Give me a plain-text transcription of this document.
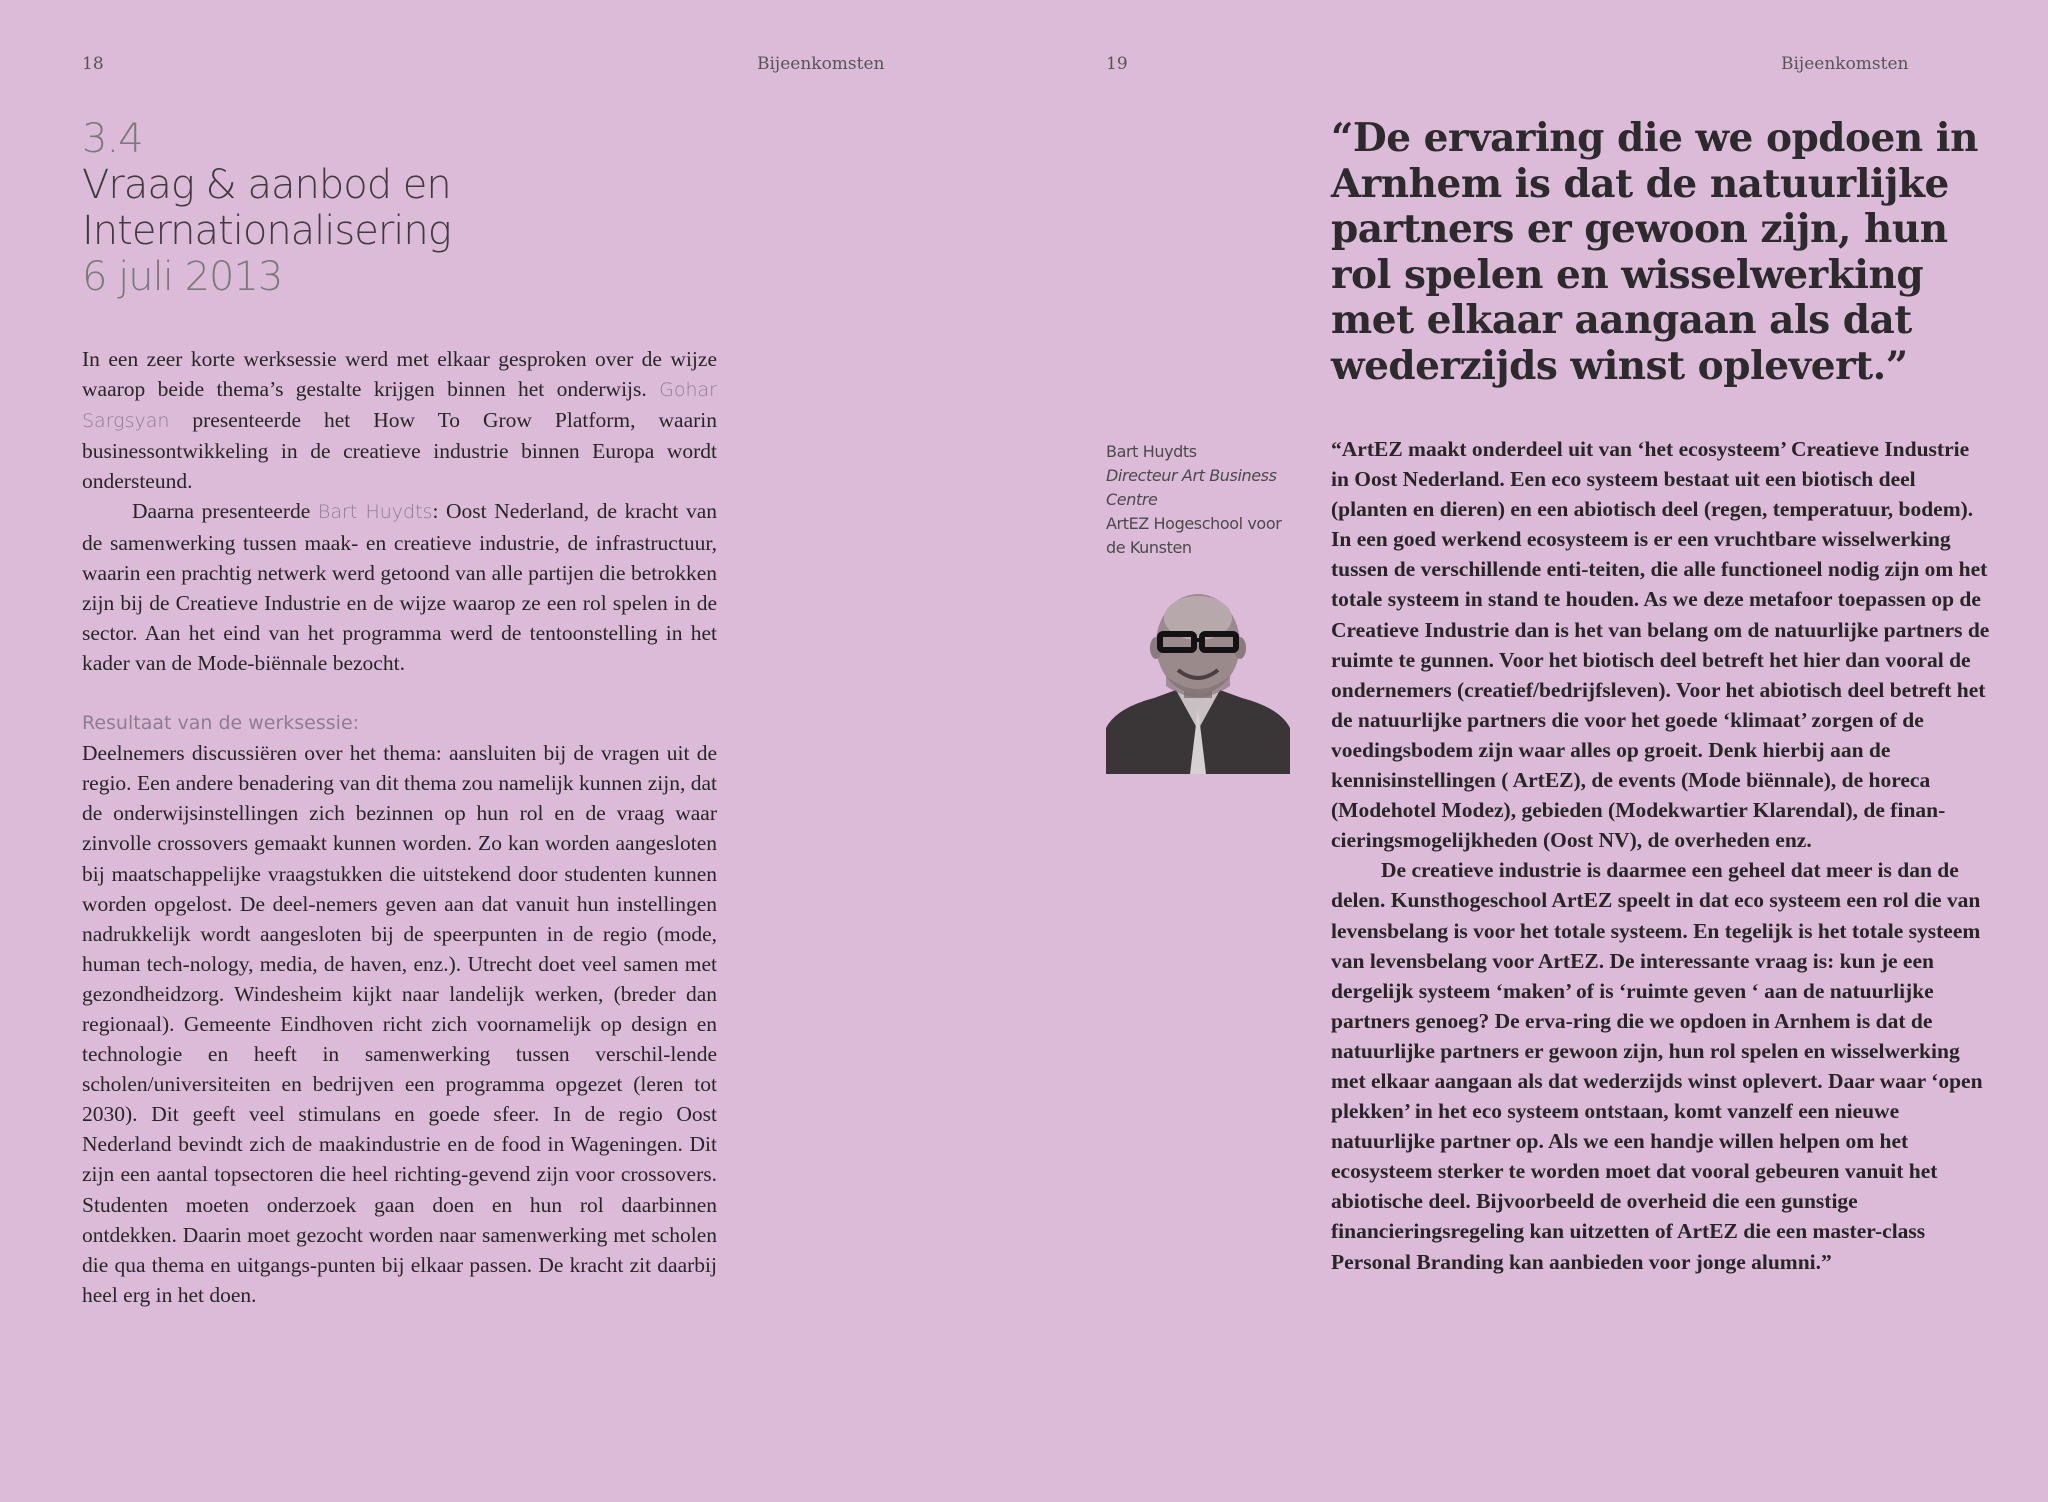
18	Bijeenkomsten
3.4
Vraag & aanbod en
Internationalisering
6 juli 2013

In een zeer korte werksessie werd met elkaar gesproken over de wijze waarop beide thema’s gestalte krijgen binnen het onderwijs. Gohar Sargsyan presenteerde het How To Grow Platform, waarin businessontwikkeling in de creatieve industrie binnen Europa wordt ondersteund.

Daarna presenteerde Bart Huydts: Oost Nederland, de kracht van de samenwerking tussen maak- en creatieve industrie, de infrastructuur, waarin een prachtig netwerk werd getoond van alle partijen die betrokken zijn bij de Creatieve Industrie en de wijze waarop ze een rol spelen in de sector. Aan het eind van het programma werd de tentoonstelling in het kader van de Mode-biënnale bezocht.

Resultaat van de werksessie:

Deelnemers discussiëren over het thema: aansluiten bij de vragen uit de regio. Een andere benadering van dit thema zou namelijk kunnen zijn, dat de onderwijsinstellingen zich bezinnen op hun rol en de vraag waar zinvolle crossovers gemaakt kunnen worden. Zo kan worden aangesloten bij maatschappelijke vraagstukken die uitstekend door studenten kunnen worden opgelost. De deel-nemers geven aan dat vanuit hun instellingen nadrukkelijk wordt aangesloten bij de speerpunten in de regio (mode, human tech-nology, media, de haven, enz.). Utrecht doet veel samen met gezondheidzorg. Windesheim kijkt naar landelijk werken, (breder dan regionaal). Gemeente Eindhoven richt zich voornamelijk op design en technologie en heeft in samenwerking tussen verschil-lende scholen/universiteiten en bedrijven een programma opgezet (leren tot 2030). Dit geeft veel stimulans en goede sfeer. In de regio Oost Nederland bevindt zich de maakindustrie en de food in Wageningen. Dit zijn een aantal topsectoren die heel richting-gevend zijn voor crossovers. Studenten moeten onderzoek gaan doen en hun rol daarbinnen ontdekken. Daarin moet gezocht worden naar samenwerking met scholen die qua thema en uitgangs-punten bij elkaar passen. De kracht zit daarbij heel erg in het doen.

19	Bijeenkomsten
“De ervaring die we opdoen in Arnhem is dat de natuurlijke partners er gewoon zijn, hun rol spelen en wisselwerking met elkaar aangaan als dat wederzijds winst oplevert.”
Bart Huydts
Directeur Art Business Centre
ArtEZ Hogeschool voor de Kunsten

“ArtEZ maakt onderdeel uit van ‘het ecosysteem’ Creatieve Industrie in Oost Nederland. Een eco systeem bestaat uit een biotisch deel (planten en dieren) en een abiotisch deel (regen, temperatuur, bodem). In een goed werkend ecosysteem is er een vruchtbare wisselwerking tussen de verschillende enti-teiten, die alle functioneel nodig zijn om het totale systeem in stand te houden. As we deze metafoor toepassen op de Creatieve Industrie dan is het van belang om de natuurlijke partners de ruimte te gunnen. Voor het biotisch deel betreft het hier dan vooral de ondernemers (creatief/bedrijfsleven). Voor het abiotisch deel betreft het de natuurlijke partners die voor het goede ‘klimaat’ zorgen of de voedingsbodem zijn waar alles op groeit. Denk hierbij aan de kennisinstellingen ( ArtEZ), de events (Mode biënnale), de horeca (Modehotel Modez), gebieden (Modekwartier Klarendal), de finan-cieringsmogelijkheden (Oost NV), de overheden enz.

De creatieve industrie is daarmee een geheel dat meer is dan de delen. Kunsthogeschool ArtEZ speelt in dat eco systeem een rol die van levensbelang is voor het totale systeem. En tegelijk is het totale systeem van levensbelang voor ArtEZ. De interessante vraag is: kun je een dergelijk systeem ‘maken’ of is ‘ruimte geven ‘ aan de natuurlijke partners genoeg? De erva-ring die we opdoen in Arnhem is dat de natuurlijke partners er gewoon zijn, hun rol spelen en wisselwerking met elkaar aangaan als dat wederzijds winst oplevert. Daar waar ‘open plekken’ in het eco systeem ontstaan, komt vanzelf een nieuwe natuurlijke partner op. Als we een handje willen helpen om het ecosysteem sterker te worden moet dat vooral gebeuren vanuit het abiotische deel. Bijvoorbeeld de overheid die een gunstige financieringsregeling kan uitzetten of ArtEZ die een master-class Personal Branding kan aanbieden voor jonge alumni.”
